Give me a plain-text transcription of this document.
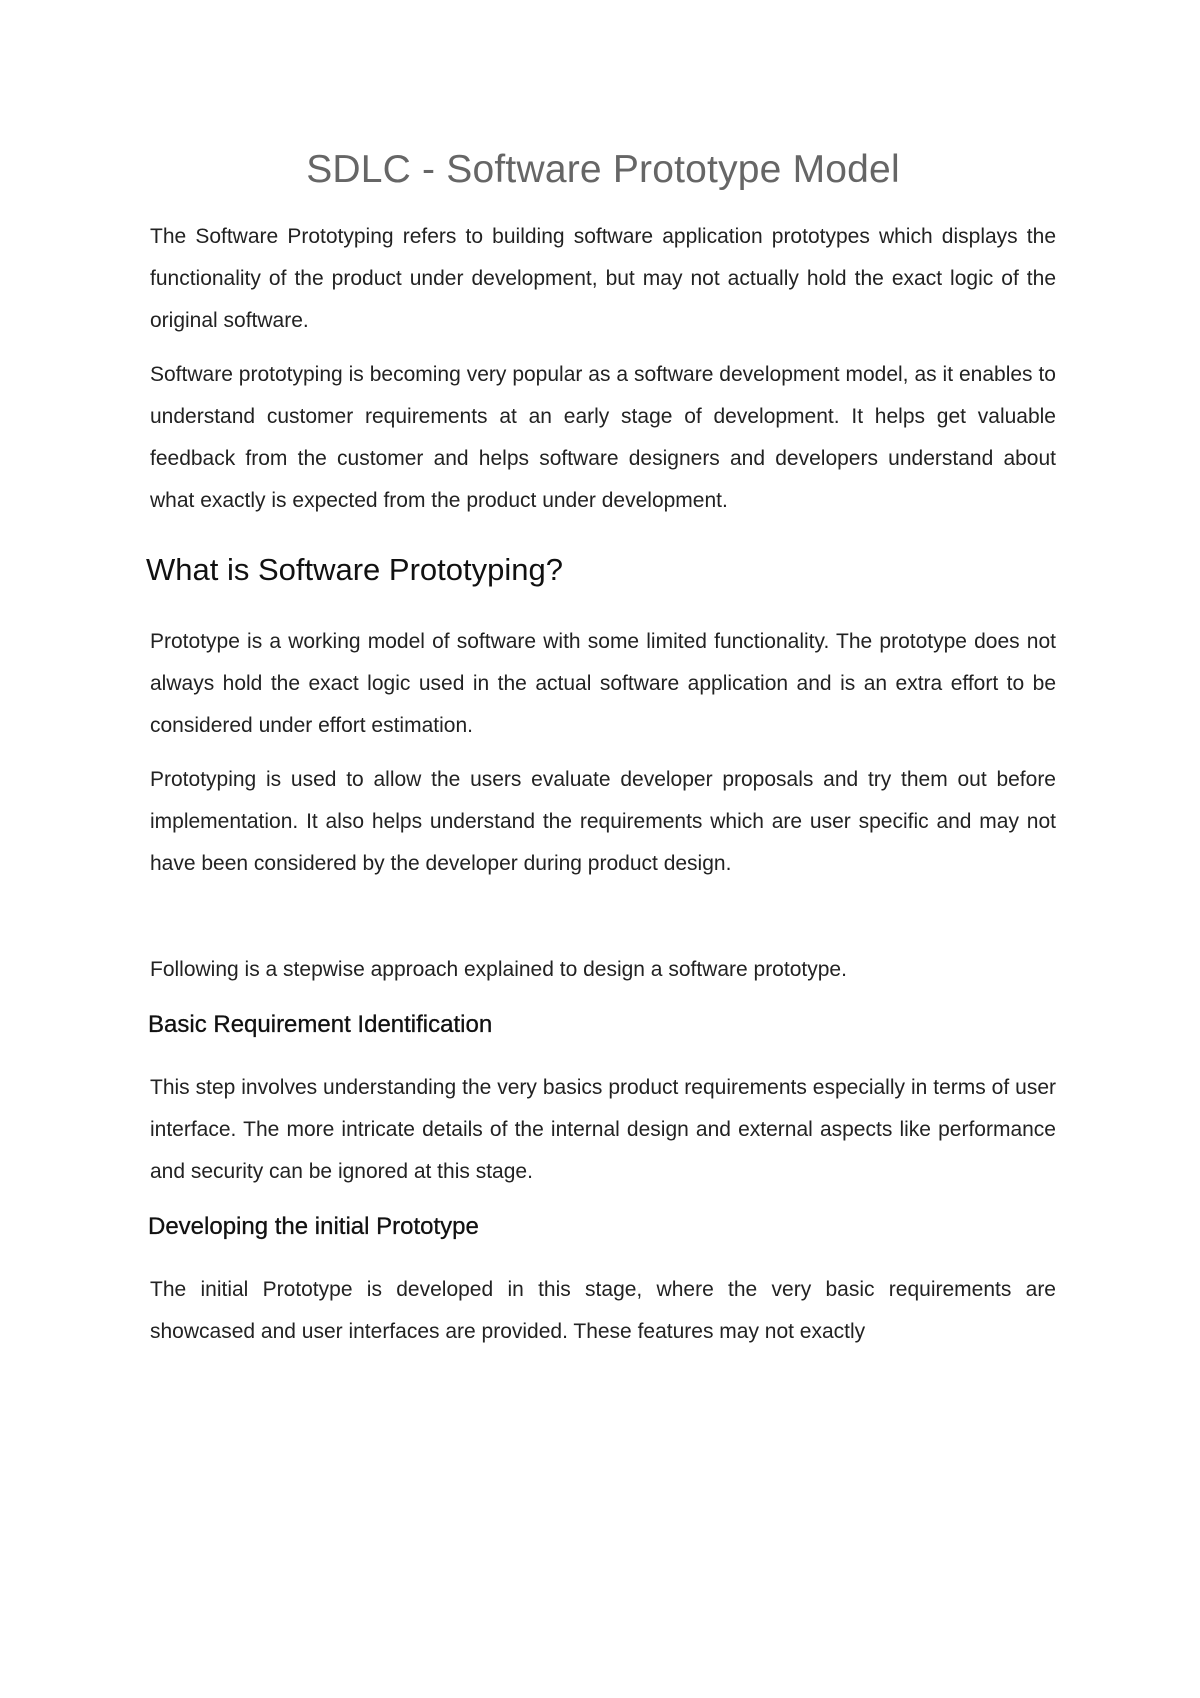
SDLC - Software Prototype Model

The Software Prototyping refers to building software application prototypes which displays the functionality of the product under development, but may not actually hold the exact logic of the original software.

Software prototyping is becoming very popular as a software development model, as it enables to understand customer requirements at an early stage of development. It helps get valuable feedback from the customer and helps software designers and developers understand about what exactly is expected from the product under development.

What is Software Prototyping?

Prototype is a working model of software with some limited functionality. The prototype does not always hold the exact logic used in the actual software application and is an extra effort to be considered under effort estimation.

Prototyping is used to allow the users evaluate developer proposals and try them out before implementation. It also helps understand the requirements which are user specific and may not have been considered by the developer during product design.

Following is a stepwise approach explained to design a software prototype.

Basic Requirement Identification

This step involves understanding the very basics product requirements especially in terms of user interface. The more intricate details of the internal design and external aspects like performance and security can be ignored at this stage.

Developing the initial Prototype

The initial Prototype is developed in this stage, where the very basic requirements are showcased and user interfaces are provided. These features may not exactly
